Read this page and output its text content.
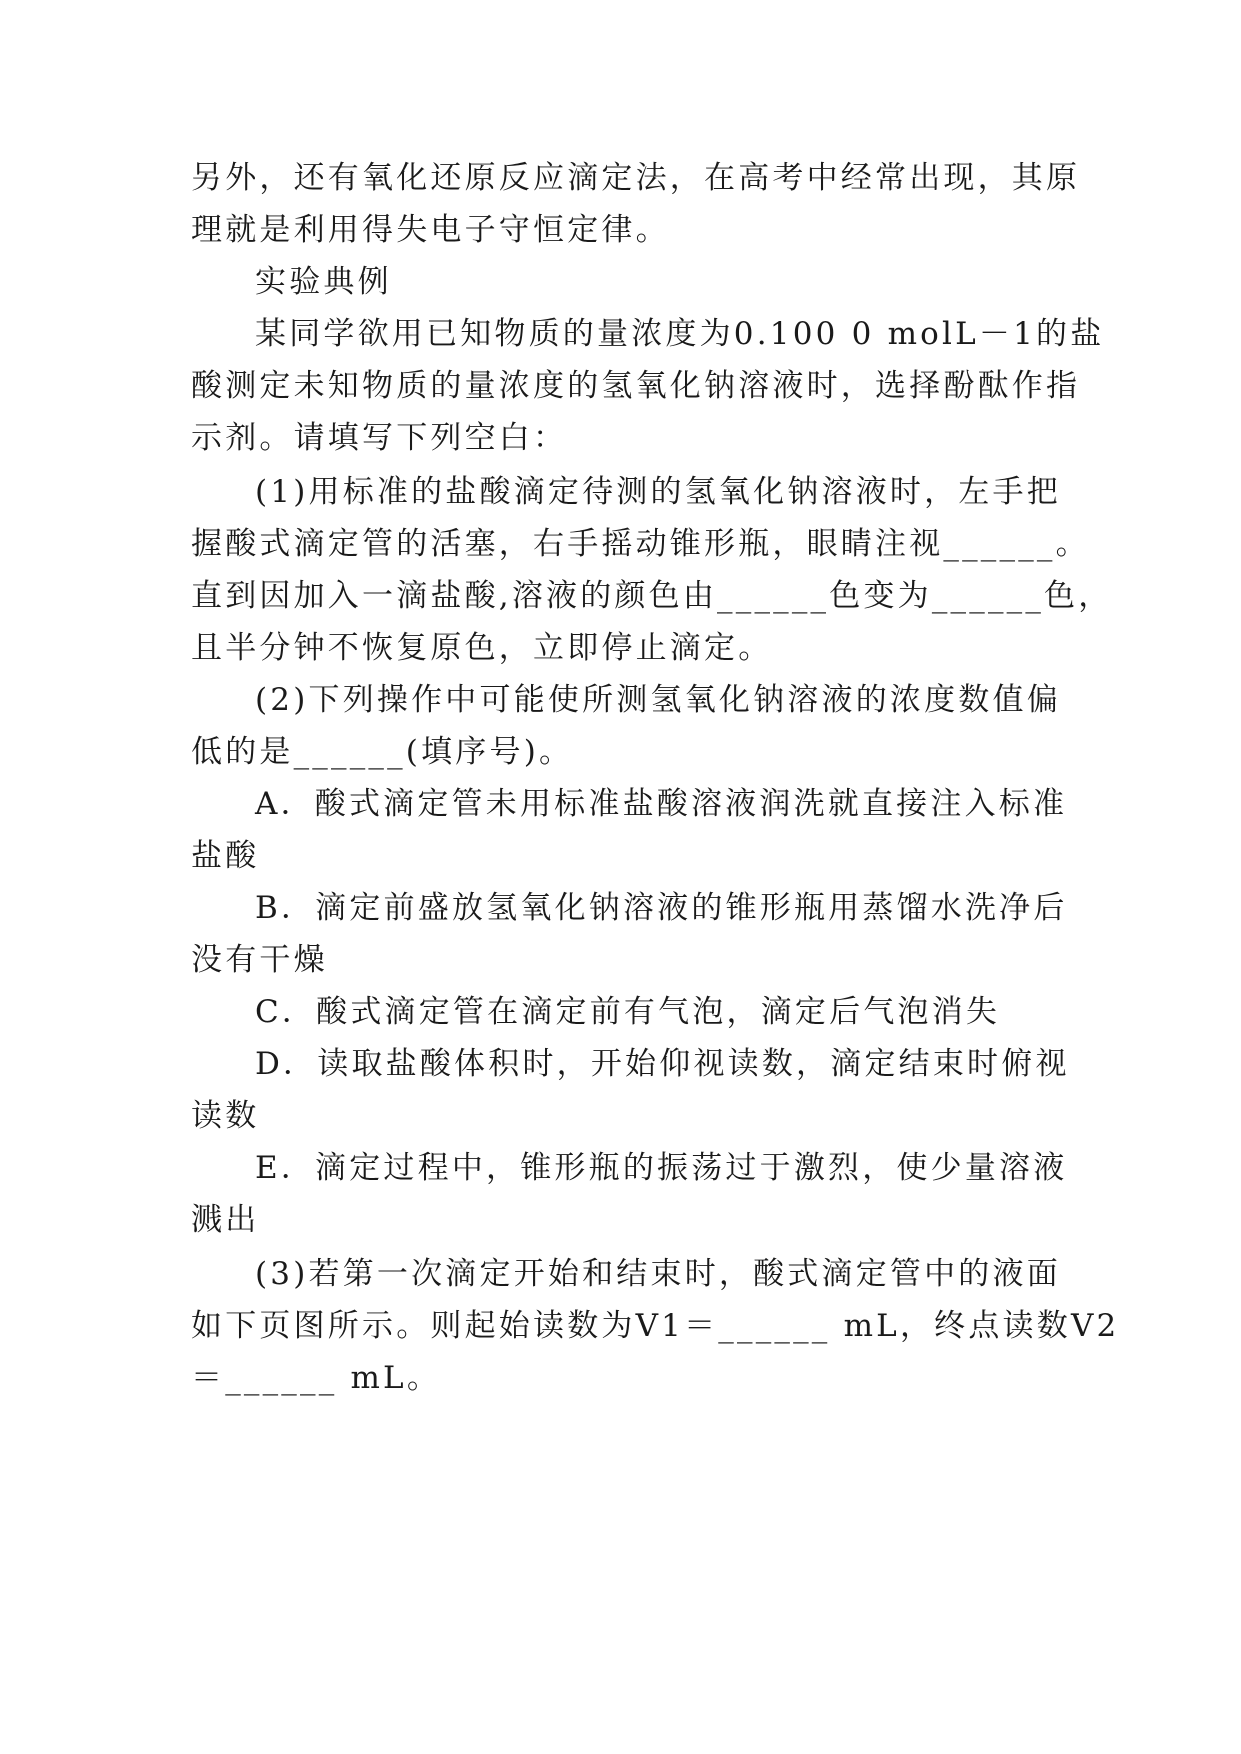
另外，还有氧化还原反应滴定法，在高考中经常出现，其原
理就是利用得失电子守恒定律。
实验典例
某同学欲用已知物质的量浓度为0.100 0 molL－1的盐
酸测定未知物质的量浓度的氢氧化钠溶液时，选择酚酞作指
示剂。请填写下列空白：
(1)用标准的盐酸滴定待测的氢氧化钠溶液时，左手把
握酸式滴定管的活塞，右手摇动锥形瓶，眼睛注视______。
直到因加入一滴盐酸,溶液的颜色由______色变为______色，
且半分钟不恢复原色，立即停止滴定。
(2)下列操作中可能使所测氢氧化钠溶液的浓度数值偏
低的是______(填序号)。
A．酸式滴定管未用标准盐酸溶液润洗就直接注入标准
盐酸
B．滴定前盛放氢氧化钠溶液的锥形瓶用蒸馏水洗净后
没有干燥
C．酸式滴定管在滴定前有气泡，滴定后气泡消失
D．读取盐酸体积时，开始仰视读数，滴定结束时俯视
读数
E．滴定过程中，锥形瓶的振荡过于激烈，使少量溶液
溅出
(3)若第一次滴定开始和结束时，酸式滴定管中的液面
如下页图所示。则起始读数为V1＝______ mL，终点读数V2
＝______ mL。
